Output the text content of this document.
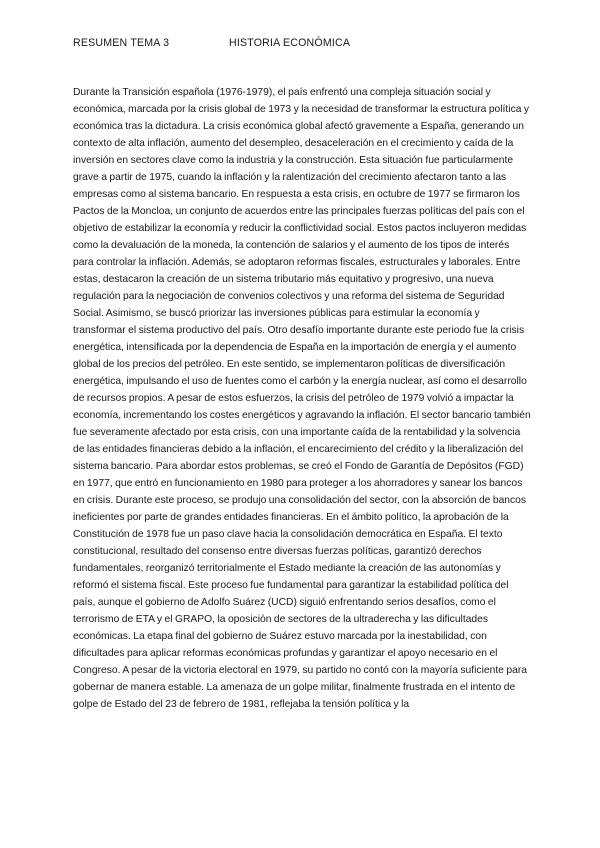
RESUMEN TEMA 3	HISTORIA ECONÓMICA

Durante la Transición española (1976-1979), el país enfrentó una compleja situación social y económica, marcada por la crisis global de 1973 y la necesidad de transformar la estructura política y económica tras la dictadura. La crisis económica global afectó gravemente a España, generando un contexto de alta inflación, aumento del desempleo, desaceleración en el crecimiento y caída de la inversión en sectores clave como la industria y la construcción. Esta situación fue particularmente grave a partir de 1975, cuando la inflación y la ralentización del crecimiento afectaron tanto a las empresas como al sistema bancario. En respuesta a esta crisis, en octubre de 1977 se firmaron los Pactos de la Moncloa, un conjunto de acuerdos entre las principales fuerzas políticas del país con el objetivo de estabilizar la economía y reducir la conflictividad social. Estos pactos incluyeron medidas como la devaluación de la moneda, la contención de salarios y el aumento de los tipos de interés para controlar la inflación. Además, se adoptaron reformas fiscales, estructurales y laborales. Entre estas, destacaron la creación de un sistema tributario más equitativo y progresivo, una nueva regulación para la negociación de convenios colectivos y una reforma del sistema de Seguridad Social. Asimismo, se buscó priorizar las inversiones públicas para estimular la economía y transformar el sistema productivo del país. Otro desafío importante durante este periodo fue la crisis energética, intensificada por la dependencia de España en la importación de energía y el aumento global de los precios del petróleo. En este sentido, se implementaron políticas de diversificación energética, impulsando el uso de fuentes como el carbón y la energía nuclear, así como el desarrollo de recursos propios. A pesar de estos esfuerzos, la crisis del petróleo de 1979 volvió a impactar la economía, incrementando los costes energéticos y agravando la inflación. El sector bancario también fue severamente afectado por esta crisis, con una importante caída de la rentabilidad y la solvencia de las entidades financieras debido a la inflación, el encarecimiento del crédito y la liberalización del sistema bancario. Para abordar estos problemas, se creó el Fondo de Garantía de Depósitos (FGD) en 1977, que entró en funcionamiento en 1980 para proteger a los ahorradores y sanear los bancos en crisis. Durante este proceso, se produjo una consolidación del sector, con la absorción de bancos ineficientes por parte de grandes entidades financieras. En el ámbito político, la aprobación de la Constitución de 1978 fue un paso clave hacia la consolidación democrática en España. El texto constitucional, resultado del consenso entre diversas fuerzas políticas, garantizó derechos fundamentales, reorganizó territorialmente el Estado mediante la creación de las autonomías y reformó el sistema fiscal. Este proceso fue fundamental para garantizar la estabilidad política del país, aunque el gobierno de Adolfo Suárez (UCD) siguió enfrentando serios desafíos, como el terrorismo de ETA y el GRAPO, la oposición de sectores de la ultraderecha y las dificultades económicas. La etapa final del gobierno de Suárez estuvo marcada por la inestabilidad, con dificultades para aplicar reformas económicas profundas y garantizar el apoyo necesario en el Congreso. A pesar de la victoria electoral en 1979, su partido no contó con la mayoría suficiente para gobernar de manera estable. La amenaza de un golpe militar, finalmente frustrada en el intento de golpe de Estado del 23 de febrero de 1981, reflejaba la tensión política y la
